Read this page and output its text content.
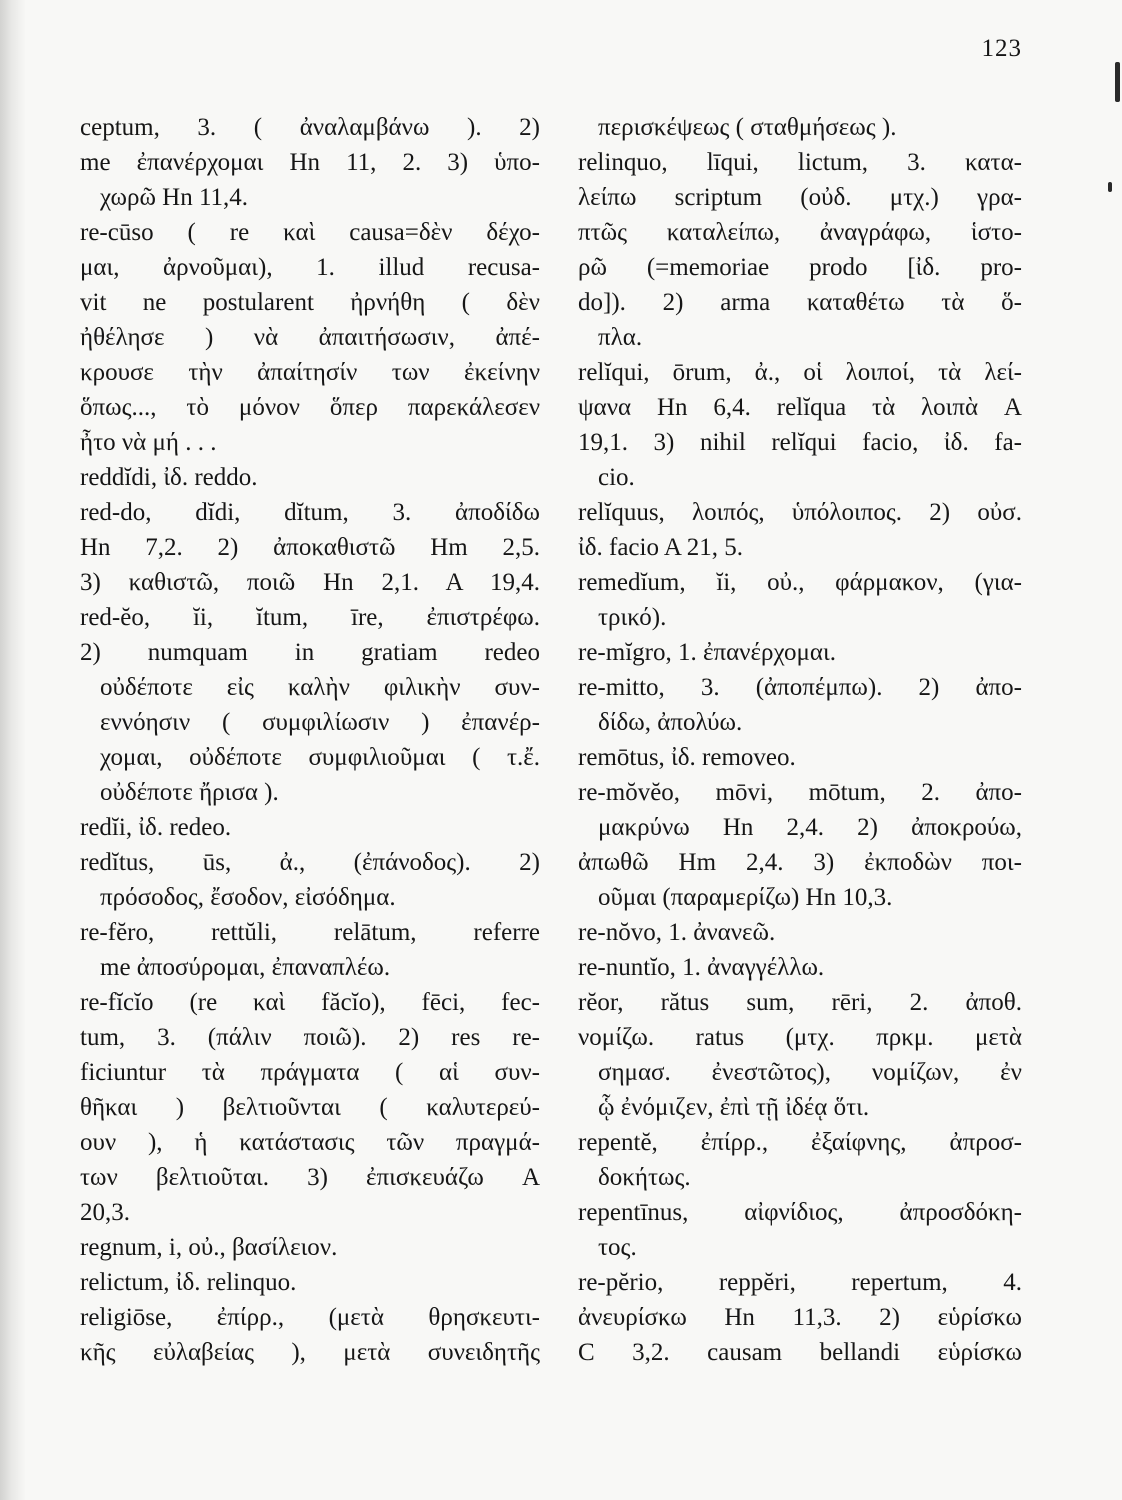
123
ceptum, 3. ( ἀναλαμβάνω ). 2)
me ἐπανέρχομαι Hn 11, 2. 3) ὑπο-
χωρῶ Hn 11,4.
re-cūso ( re καὶ causa=δὲν δέχο-
μαι, ἀρνοῦμαι), 1. illud recusa-
vit ne postularent ἠρνήθη ( δὲν
ἠθέλησε ) νὰ ἀπαιτήσωσιν, ἀπέ-
κρουσε τὴν ἀπαίτησίν των ἐκείνην
ὅπως..., τὸ μόνον ὅπερ παρεκάλεσεν
ἦτο νὰ μή . . .
reddĭdi, ἰδ. reddo.
red-do, dĭdi, dĭtum, 3. ἀποδίδω
Hn 7,2. 2) ἀποκαθιστῶ Hm 2,5.
3) καθιστῶ, ποιῶ Hn 2,1. A 19,4.
red-ĕo, ĭi, ĭtum, īre, ἐπιστρέφω.
2) numquam in gratiam redeo
οὐδέποτε εἰς καλὴν φιλικὴν συν-
εννόησιν ( συμφιλίωσιν ) ἐπανέρ-
χομαι, οὐδέποτε συμφιλιοῦμαι ( τ.ἔ.
οὐδέποτε ἤρισα ).
redĭi, ἰδ. redeo.
redĭtus, ūs, ἀ., (ἐπάνοδος). 2)
πρόσοδος, ἔσοδον, εἰσόδημα.
re-fĕro, rettŭli, relātum, referre
me ἀποσύρομαι, ἐπαναπλέω.
re-fĭcĭo (re καὶ făcĭo), fēci, fec-
tum, 3. (πάλιν ποιῶ). 2) res re-
ficiuntur τὰ πράγματα ( αἱ συν-
θῆκαι ) βελτιοῦνται ( καλυτερεύ-
ουν ), ἡ κατάστασις τῶν πραγμά-
των βελτιοῦται. 3) ἐπισκευάζω A
20,3.
regnum, i, οὐ., βασίλειον.
relictum, ἰδ. relinquo.
religiōse, ἐπίρρ., (μετὰ θρησκευτι-
κῆς εὐλαβείας ), μετὰ συνειδητῆς
περισκέψεως ( σταθμήσεως ).
relinquo, līqui, lictum, 3. κατα-
λείπω scriptum (οὐδ. μτχ.) γρα-
πτῶς καταλείπω, ἀναγράφω, ἱστο-
ρῶ (=memoriae prodo [ἰδ. pro-
do]). 2) arma καταθέτω τὰ ὅ-
πλα.
relĭqui, ōrum, ἀ., οἱ λοιποί, τὰ λεί-
ψανα Hn 6,4. relĭqua τὰ λοιπὰ A
19,1. 3) nihil relĭqui facio, ἰδ. fa-
cio.
relĭquus, λοιπός, ὑπόλοιπος. 2) οὐσ.
ἰδ. facio A 21, 5.
remedĭum, ĭi, οὐ., φάρμακον, (για-
τρικό).
re-mĭgro, 1. ἐπανέρχομαι.
re-mitto, 3. (ἀποπέμπω). 2) ἀπο-
δίδω, ἀπολύω.
remōtus, ἰδ. removeo.
re-mŏvĕo, mōvi, mōtum, 2. ἀπο-
μακρύνω Hn 2,4. 2) ἀποκρούω,
ἀπωθῶ Hm 2,4. 3) ἐκποδὼν ποι-
οῦμαι (παραμερίζω) Hn 10,3.
re-nŏvo, 1. ἀνανεῶ.
re-nuntĭo, 1. ἀναγγέλλω.
rĕor, rătus sum, rēri, 2. ἀποθ.
νομίζω. ratus (μτχ. πρκμ. μετὰ
σημασ. ἐνεστῶτος), νομίζων, ἐν
ᾧ ἐνόμιζεν, ἐπὶ τῇ ἰδέᾳ ὅτι.
repentĕ, ἐπίρρ., ἐξαίφνης, ἀπροσ-
δοκήτως.
repentīnus, αἰφνίδιος, ἀπροσδόκη-
τος.
re-pĕrio, reppĕri, repertum, 4.
ἀνευρίσκω Hn 11,3. 2) εὑρίσκω
C 3,2. causam bellandi εὑρίσκω
